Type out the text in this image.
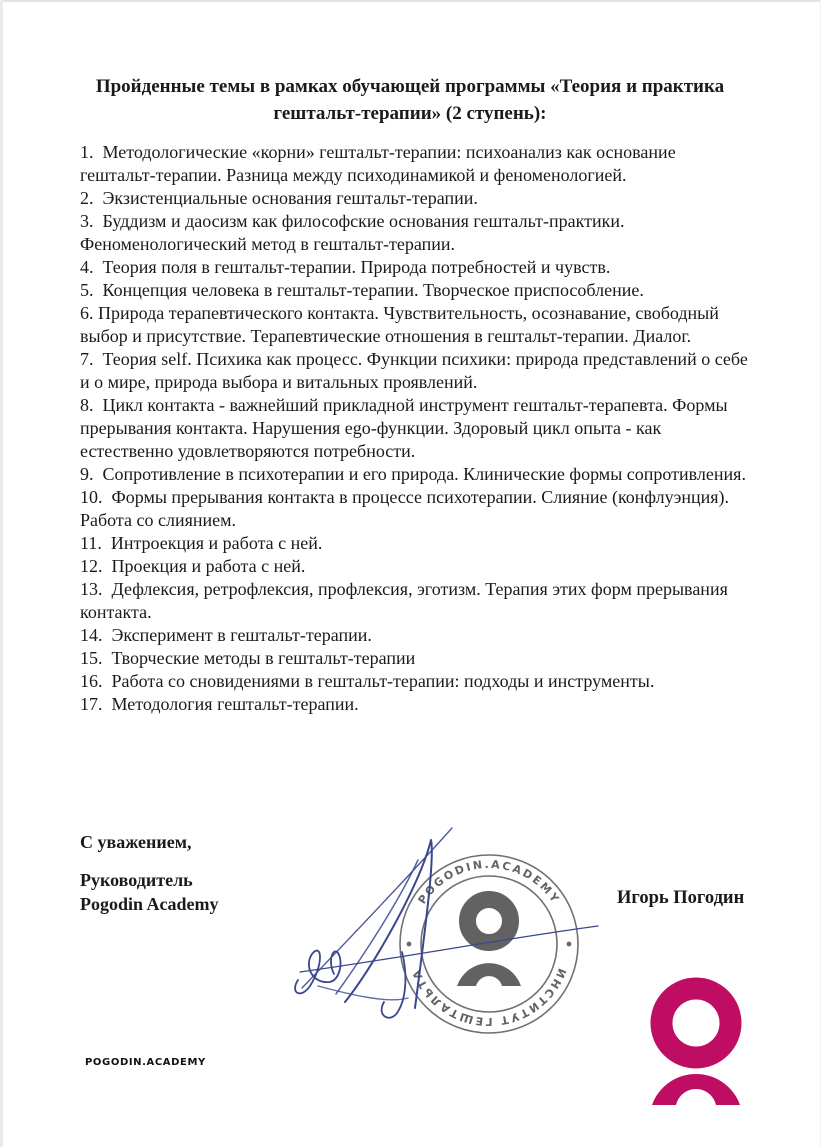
Пройденные темы в рамках обучающей программы «Теория и практика
гештальт-терапии» (2 ступень):
1.  Методологические «корни» гештальт-терапии: психоанализ как основание гештальт-терапии. Разница между психодинамикой и феноменологией.
2.  Экзистенциальные основания гештальт-терапии.
3.  Буддизм и даосизм как философские основания гештальт-практики. Феноменологический метод в гештальт-терапии.
4.  Теория поля в гештальт-терапии. Природа потребностей и чувств.
5.  Концепция человека в гештальт-терапии. Творческое приспособление.
6. Природа терапевтического контакта. Чувствительность, осознавание, свободный выбор и присутствие. Терапевтические отношения в гештальт-терапии. Диалог.
7.  Теория self. Психика как процесс. Функции психики: природа представлений о себе и о мире, природа выбора и витальных проявлений.
8.  Цикл контакта - важнейший прикладной инструмент гештальт-терапевта. Формы прерывания контакта. Нарушения ego-функции. Здоровый цикл опыта - как естественно удовлетворяются потребности.
9.  Сопротивление в психотерапии и его природа. Клинические формы сопротивления.
10.  Формы прерывания контакта в процессе психотерапии. Слияние (конфлуэнция). Работа со слиянием.
11.  Интроекция и работа с ней.
12.  Проекция и работа с ней.
13.  Дефлексия, ретрофлексия, профлексия, эготизм. Терапия этих форм прерывания контакта.
14.  Эксперимент в гештальт-терапии.
15.  Творческие методы в гештальт-терапии
16.  Работа со сновидениями в гештальт-терапии: подходы и инструменты.
17.  Методология гештальт-терапии.
С уважением,
Руководитель
Pogodin Academy	Игорь Погодин
POGODIN.ACADEMY
ИНСТИТУТ ГЕШТАЛЬТА
POGODIN.ACADEMY
